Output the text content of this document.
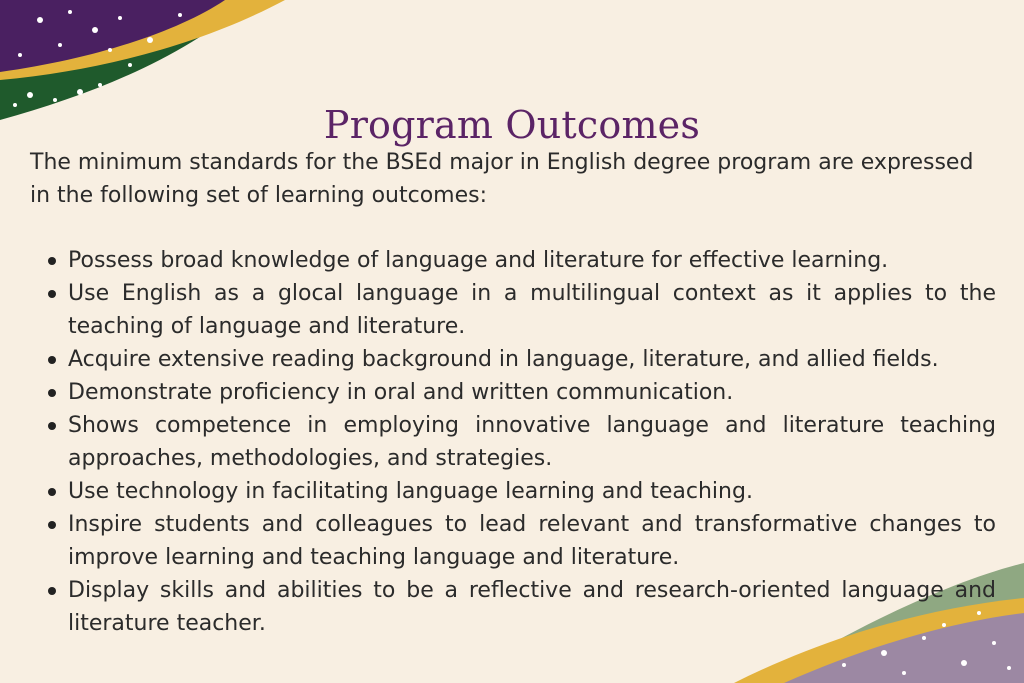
Program Outcomes

The minimum standards for the BSEd major in English degree program are expressed in the following set of learning outcomes:

Possess broad knowledge of language and literature for effective learning.
Use English as a glocal language in a multilingual context as it applies to the teaching of language and literature.
Acquire extensive reading background in language, literature, and allied fields.
Demonstrate proficiency in oral and written communication.
Shows competence in employing innovative language and literature teaching approaches, methodologies, and strategies.
Use technology in facilitating language learning and teaching.
Inspire students and colleagues to lead relevant and transformative changes to improve learning and teaching language and literature.
Display skills and abilities to be a reflective and research-oriented language and literature teacher.
